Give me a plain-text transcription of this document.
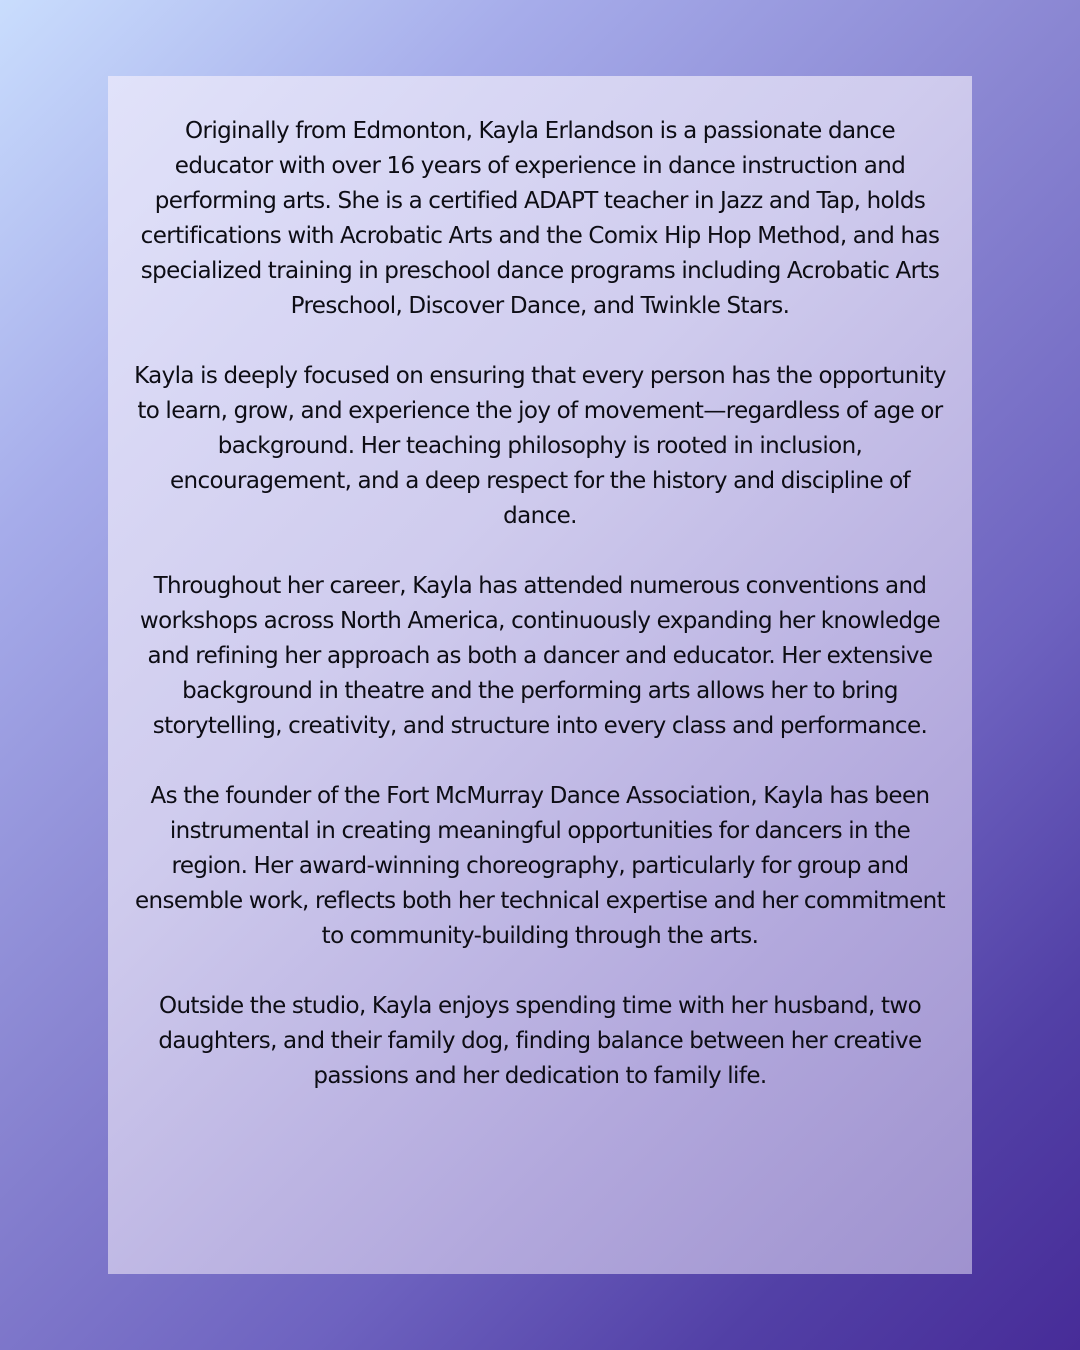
Originally from Edmonton, Kayla Erlandson is a passionate dance educator with over 16 years of experience in dance instruction and performing arts. She is a certified ADAPT teacher in Jazz and Tap, holds certifications with Acrobatic Arts and the Comix Hip Hop Method, and has specialized training in preschool dance programs including Acrobatic Arts Preschool, Discover Dance, and Twinkle Stars.

Kayla is deeply focused on ensuring that every person has the opportunity to learn, grow, and experience the joy of movement—regardless of age or background. Her teaching philosophy is rooted in inclusion, encouragement, and a deep respect for the history and discipline of dance.

Throughout her career, Kayla has attended numerous conventions and workshops across North America, continuously expanding her knowledge and refining her approach as both a dancer and educator. Her extensive background in theatre and the performing arts allows her to bring storytelling, creativity, and structure into every class and performance.

As the founder of the Fort McMurray Dance Association, Kayla has been instrumental in creating meaningful opportunities for dancers in the region. Her award-winning choreography, particularly for group and ensemble work, reflects both her technical expertise and her commitment to community-building through the arts.

Outside the studio, Kayla enjoys spending time with her husband, two daughters, and their family dog, finding balance between her creative passions and her dedication to family life.
